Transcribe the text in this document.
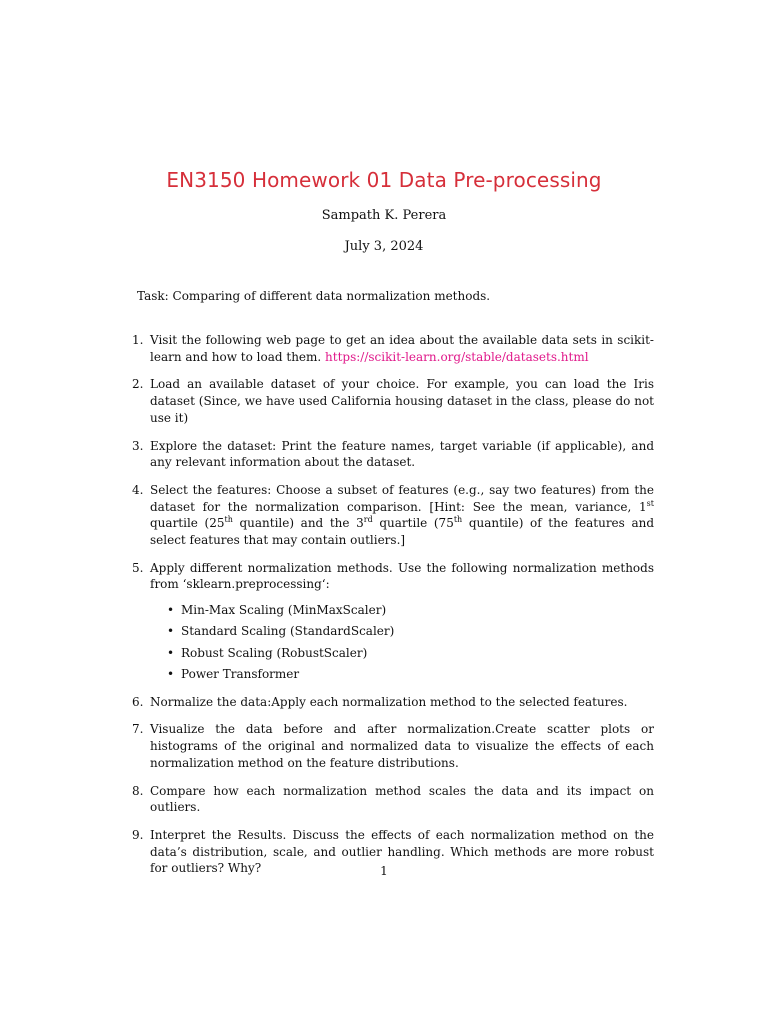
EN3150 Homework 01 Data Pre-processing
Sampath K. Perera
July 3, 2024
Task: Comparing of different data normalization methods.
1. Visit the following web page to get an idea about the available data sets in scikit-learn and how to load them. https://scikit-learn.org/stable/datasets.html
2. Load an available dataset of your choice. For example, you can load the Iris dataset (Since, we have used California housing dataset in the class, please do not use it)
3. Explore the dataset: Print the feature names, target variable (if applicable), and any relevant information about the dataset.
4. Select the features: Choose a subset of features (e.g., say two features) from the dataset for the normalization comparison. [Hint: See the mean, variance, 1st quartile (25th quantile) and the 3rd quartile (75th quantile) of the features and select features that may contain outliers.]
5. Apply different normalization methods. Use the following normalization methods from ‘sklearn.preprocessing‘:
• Min-Max Scaling (MinMaxScaler)
• Standard Scaling (StandardScaler)
• Robust Scaling (RobustScaler)
• Power Transformer
6. Normalize the data:Apply each normalization method to the selected features.
7. Visualize the data before and after normalization.Create scatter plots or histograms of the original and normalized data to visualize the effects of each normalization method on the feature distributions.
8. Compare how each normalization method scales the data and its impact on outliers.
9. Interpret the Results. Discuss the effects of each normalization method on the data’s distribution, scale, and outlier handling. Which methods are more robust for outliers? Why?	1
